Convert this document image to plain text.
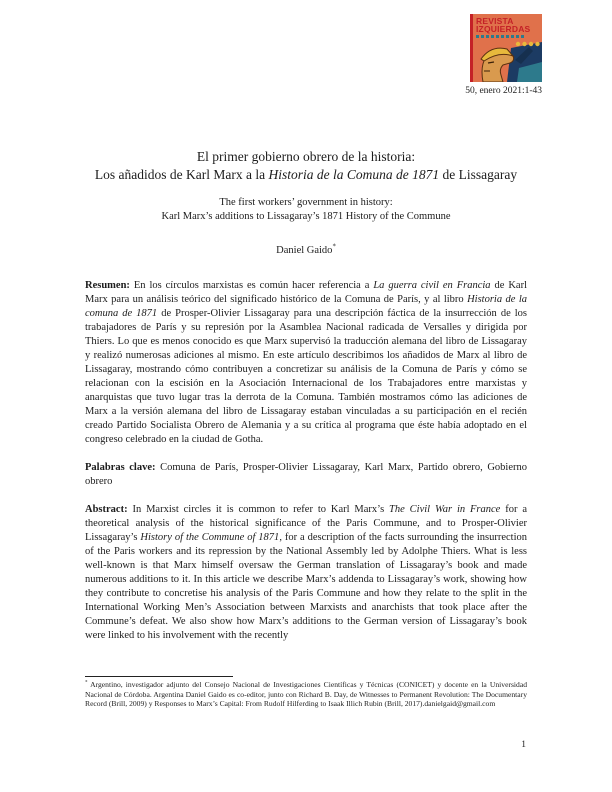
REVISTA
IZQUIERDAS
50, enero 2021:1-43
El primer gobierno obrero de la historia:
Los añadidos de Karl Marx a la Historia de la Comuna de 1871 de Lissagaray
The first workers’ government in history:
Karl Marx’s additions to Lissagaray’s 1871 History of the Commune
Daniel Gaido*

Resumen: En los círculos marxistas es común hacer referencia a La guerra civil en Francia de Karl Marx para un análisis teórico del significado histórico de la Comuna de París, y al libro Historia de la comuna de 1871 de Prosper-Olivier Lissagaray para una descripción fáctica de la insurrección de los trabajadores de París y su represión por la Asamblea Nacional radicada de Versalles y dirigida por Thiers. Lo que es menos conocido es que Marx supervisó la traducción alemana del libro de Lissagaray y realizó numerosas adiciones al mismo. En este artículo describimos los añadidos de Marx al libro de Lissagaray, mostrando cómo contribuyen a concretizar su análisis de la Comuna de París y cómo se relacionan con la escisión en la Asociación Internacional de los Trabajadores entre marxistas y anarquistas que tuvo lugar tras la derrota de la Comuna. También mostramos cómo las adiciones de Marx a la versión alemana del libro de Lissagaray estaban vinculadas a su participación en el recién creado Partido Socialista Obrero de Alemania y a su crítica al programa que éste había adoptado en el congreso celebrado en la ciudad de Gotha.

Palabras clave: Comuna de París, Prosper-Olivier Lissagaray, Karl Marx, Partido obrero, Gobierno obrero

Abstract: In Marxist circles it is common to refer to Karl Marx’s The Civil War in France for a theoretical analysis of the historical significance of the Paris Commune, and to Prosper-Olivier Lissagaray’s History of the Commune of 1871, for a description of the facts surrounding the insurrection of the Paris workers and its repression by the National Assembly led by Adolphe Thiers. What is less well-known is that Marx himself oversaw the German translation of Lissagaray’s book and made numerous additions to it. In this article we describe Marx’s addenda to Lissagaray’s work, showing how they contribute to concretise his analysis of the Paris Commune and how they relate to the split in the International Working Men’s Association between Marxists and anarchists that took place after the Commune’s defeat. We also show how Marx’s additions to the German version of Lissagaray’s book were linked to his involvement with the recently

* Argentino, investigador adjunto del Consejo Nacional de Investigaciones Científicas y Técnicas (CONICET) y docente en la Universidad Nacional de Córdoba. Argentina Daniel Gaido es co-editor, junto con Richard B. Day, de Witnesses to Permanent Revolution: The Documentary Record (Brill, 2009) y Responses to Marx’s Capital: From Rudolf Hilferding to Isaak Illich Rubin (Brill, 2017).danielgaid@gmail.com

1
